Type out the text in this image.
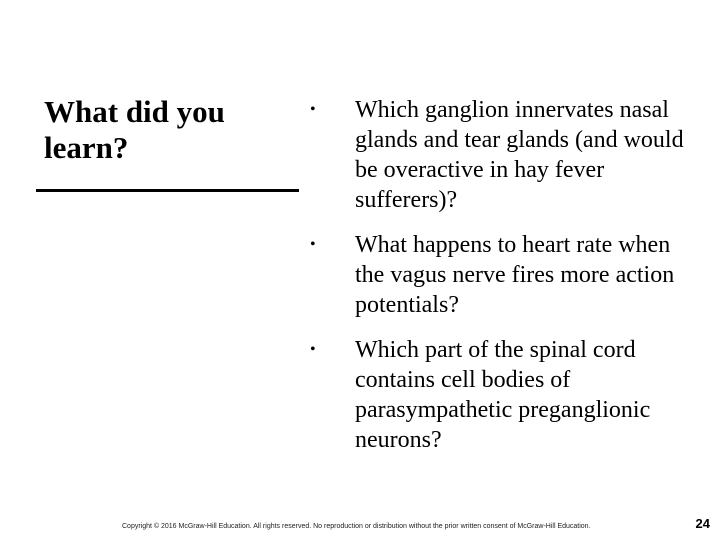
What did you learn?
• Which ganglion innervates nasal glands and tear glands (and would be overactive in hay fever sufferers)?
• What happens to heart rate when the vagus nerve fires more action potentials?
• Which part of the spinal cord contains cell bodies of parasympathetic preganglionic neurons?
Copyright © 2016 McGraw-Hill Education. All rights reserved. No reproduction or distribution without the prior written consent of McGraw-Hill Education.	24
